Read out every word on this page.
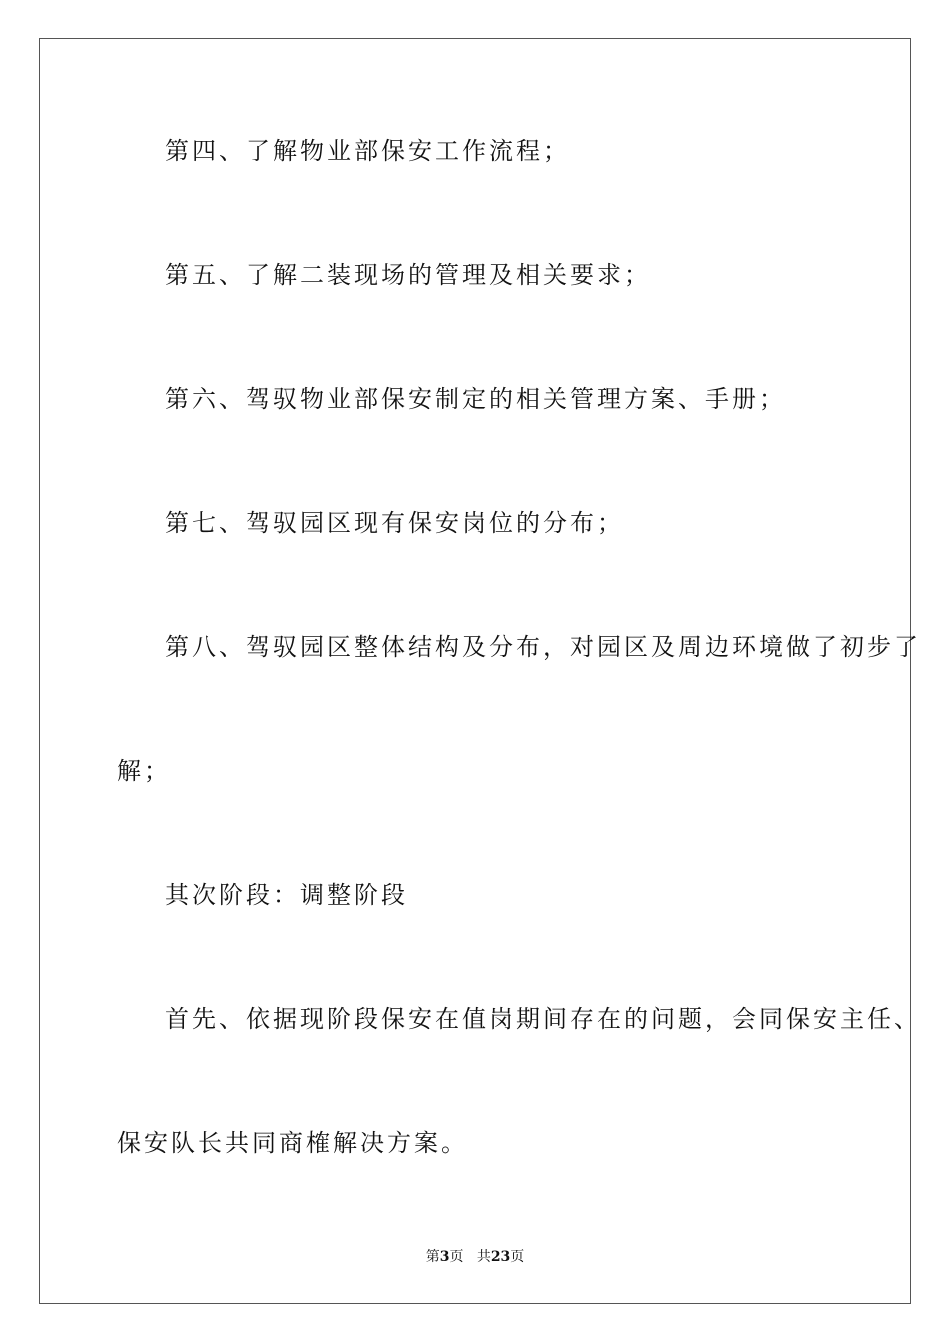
第四、了解物业部保安工作流程；
第五、了解二装现场的管理及相关要求；
第六、驾驭物业部保安制定的相关管理方案、手册；
第七、驾驭园区现有保安岗位的分布；
第八、驾驭园区整体结构及分布，对园区及周边环境做了初步了
解；
其次阶段：调整阶段
首先、依据现阶段保安在值岗期间存在的问题，会同保安主任、
保安队长共同商榷解决方案。
第3页 共23页
